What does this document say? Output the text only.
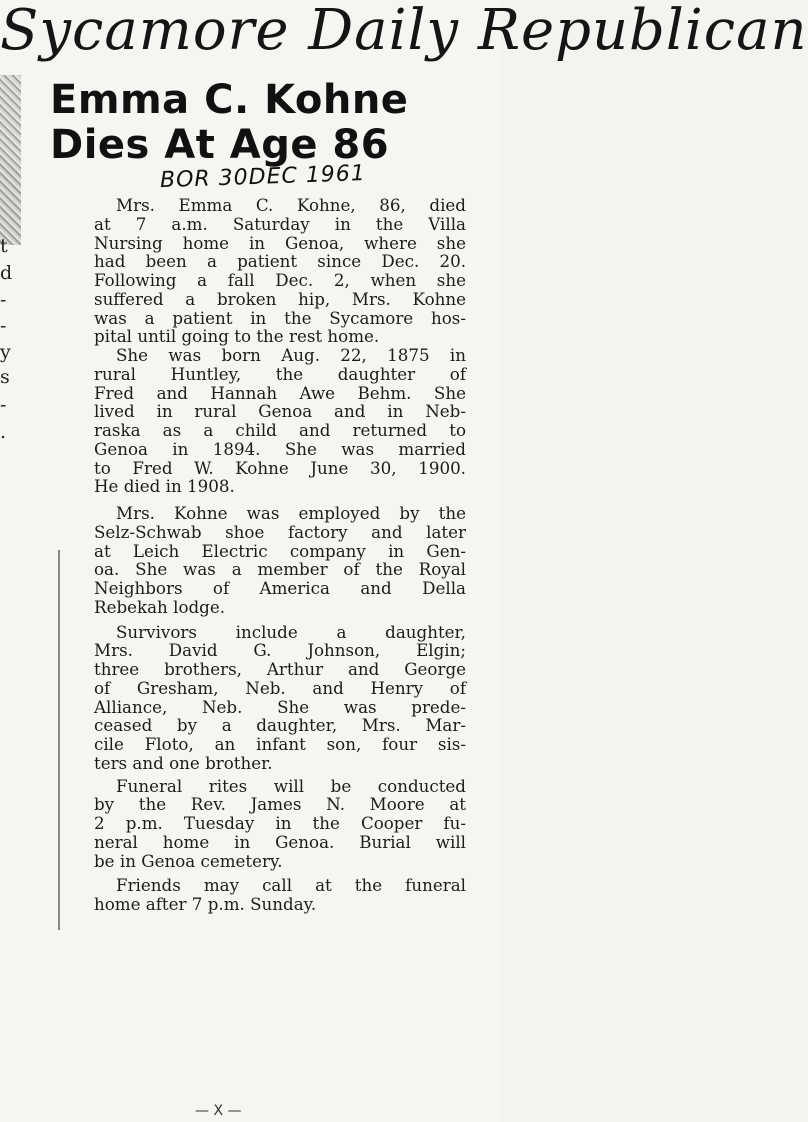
Sycamore Daily Republican
t
d
-
-
y
s
-
.
Emma C. Kohne
Dies At Age 86
BOR 30DEC 1961
Mrs. Emma C. Kohne, 86, died
at 7 a.m. Saturday in the Villa
Nursing home in Genoa, where she
had been a patient since Dec. 20.
Following a fall Dec. 2, when she
suffered a broken hip, Mrs. Kohne
was a patient in the Sycamore hos-
pital until going to the rest home.
She was born Aug. 22, 1875 in
rural Huntley, the daughter of
Fred and Hannah Awe Behm. She
lived in rural Genoa and in Neb-
raska as a child and returned to
Genoa in 1894. She was married
to Fred W. Kohne June 30, 1900.
He died in 1908.
Mrs. Kohne was employed by the
Selz-Schwab shoe factory and later
at Leich Electric company in Gen-
oa. She was a member of the Royal
Neighbors of America and Della
Rebekah lodge.
Survivors include a daughter,
Mrs. David G. Johnson, Elgin;
three brothers, Arthur and George
of Gresham, Neb. and Henry of
Alliance, Neb. She was prede-
ceased by a daughter, Mrs. Mar-
cile Floto, an infant son, four sis-
ters and one brother.
Funeral rites will be conducted
by the Rev. James N. Moore at
2 p.m. Tuesday in the Cooper fu-
neral home in Genoa. Burial will
be in Genoa cemetery.
Friends may call at the funeral
home after 7 p.m. Sunday.
— X —
